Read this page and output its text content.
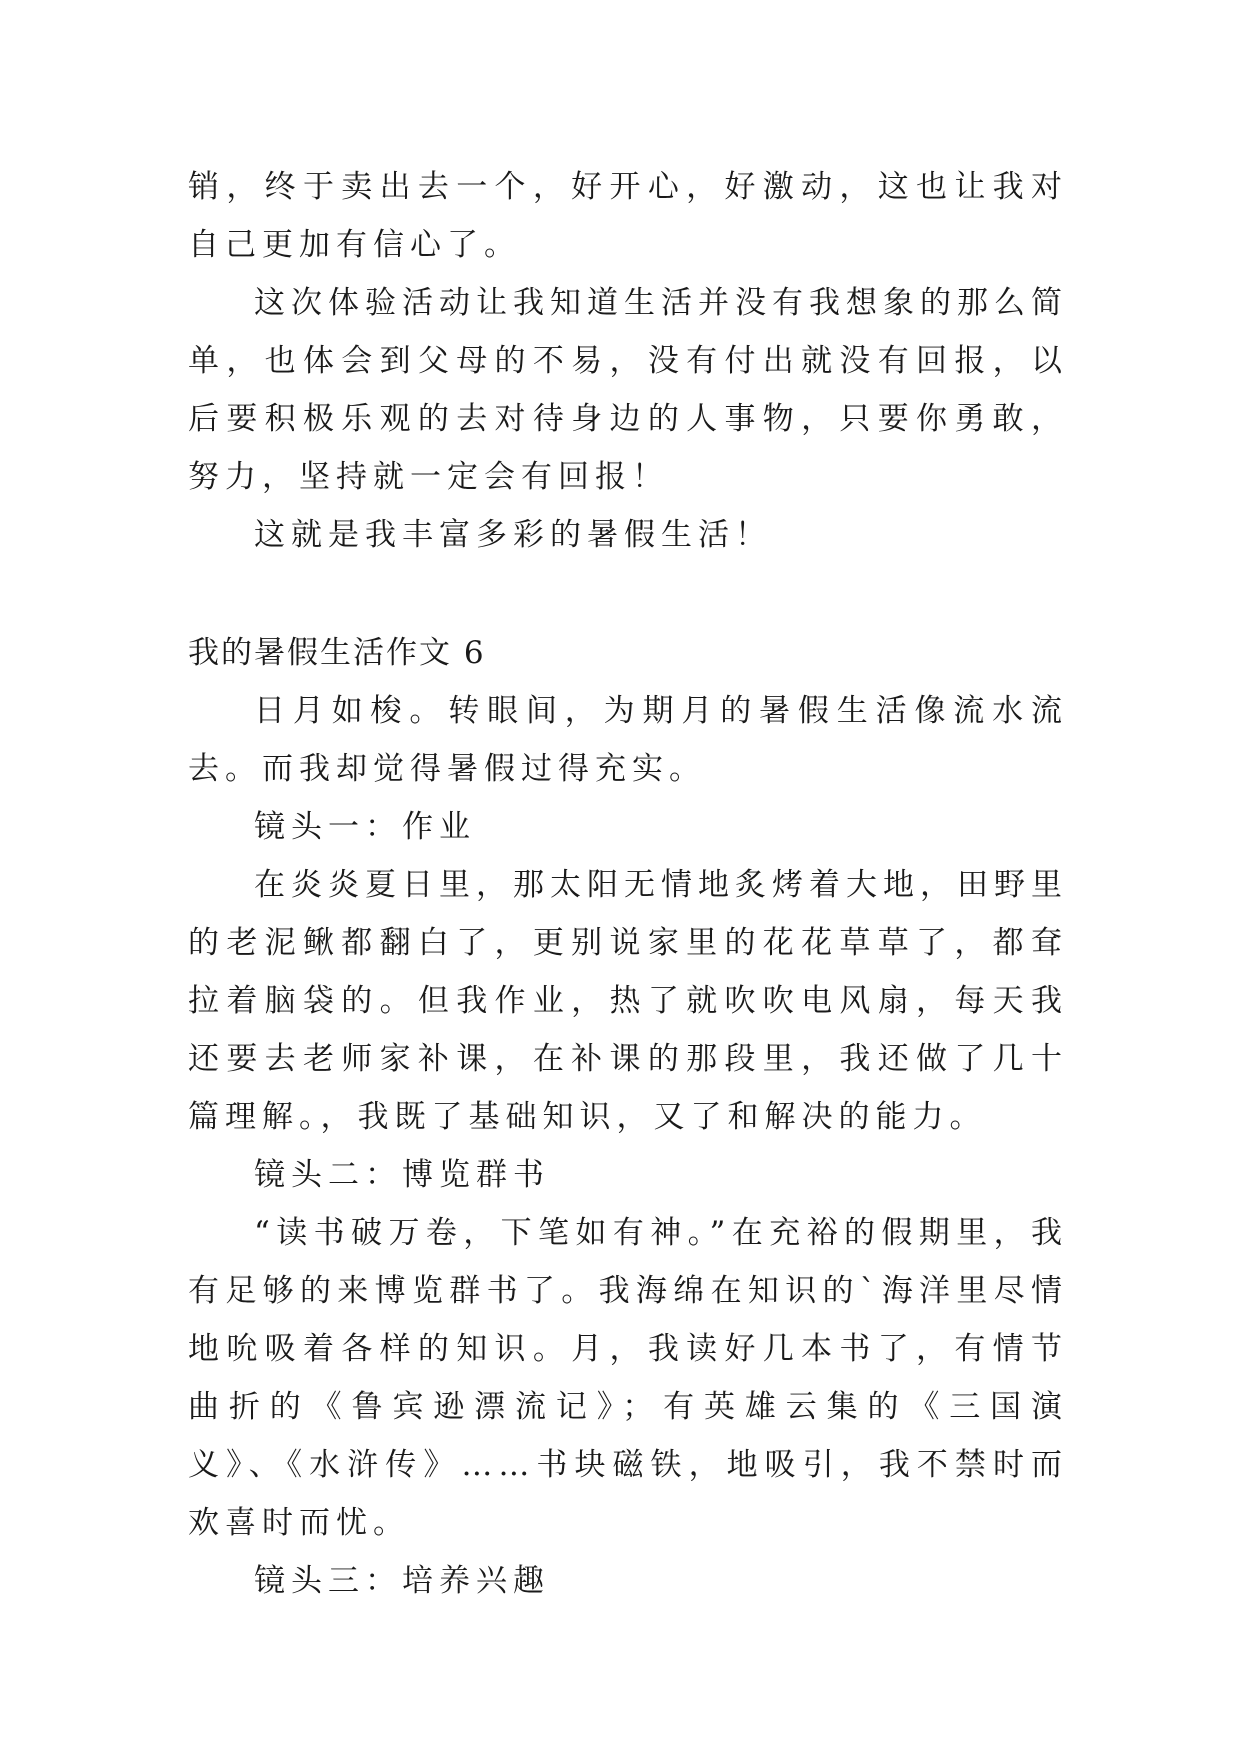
销，终于卖出去一个，好开心，好激动，这也让我对自己更加有信心了。

这次体验活动让我知道生活并没有我想象的那么简单，也体会到父母的不易，没有付出就没有回报，以后要积极乐观的去对待身边的人事物，只要你勇敢，努力，坚持就一定会有回报！

这就是我丰富多彩的暑假生活！

我的暑假生活作文 6

日月如梭。转眼间，为期月的暑假生活像流水流去。而我却觉得暑假过得充实。

镜头一：作业

在炎炎夏日里，那太阳无情地炙烤着大地，田野里的老泥鳅都翻白了，更别说家里的花花草草了，都耷拉着脑袋的。但我作业，热了就吹吹电风扇，每天我还要去老师家补课，在补课的那段里，我还做了几十篇理解。，我既了基础知识，又了和解决的能力。

镜头二：博览群书

“读书破万卷，下笔如有神。”在充裕的假期里，我有足够的来博览群书了。我海绵在知识的`海洋里尽情地吮吸着各样的知识。月，我读好几本书了，有情节曲折的《鲁宾逊漂流记》；有英雄云集的《三国演义》、《水浒传》……书块磁铁，地吸引，我不禁时而欢喜时而忧。

镜头三：培养兴趣
